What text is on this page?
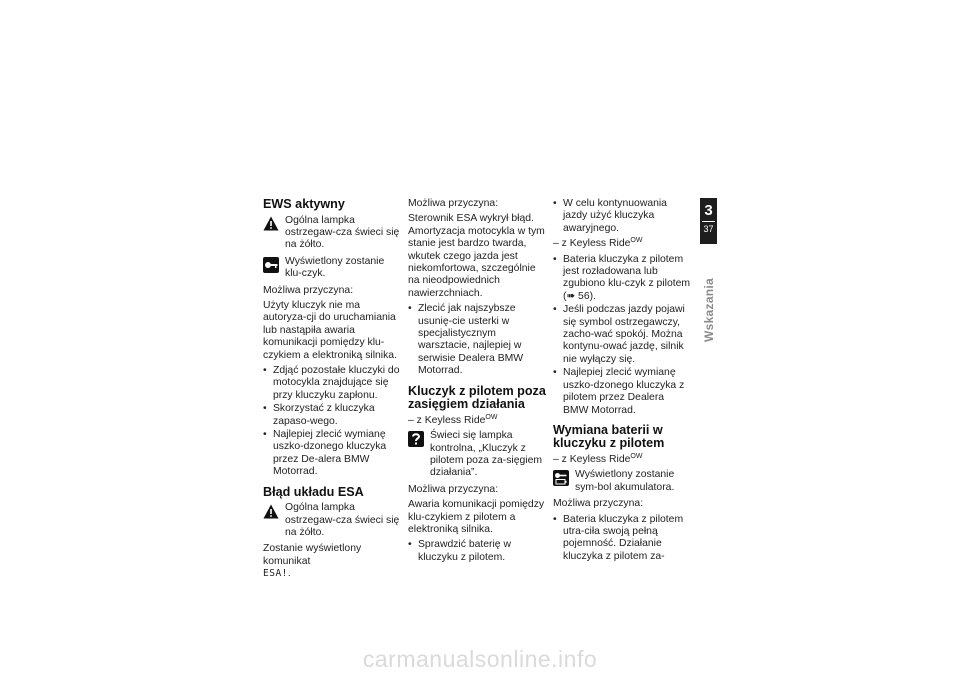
EWS aktywny
Ogólna lampka ostrzegaw-cza świeci się na żółto.
Wyświetlony zostanie klu-czyk.

Możliwa przyczyna:

Użyty kluczyk nie ma autoryza-cji do uruchamiania lub nastąpiła awaria komunikacji pomiędzy klu-czykiem a elektroniką silnika.

• Zdjąć pozostałe kluczyki do motocykla znajdujące się przy kluczyku zapłonu.
• Skorzystać z kluczyka zapaso-wego.
• Najlepiej zlecić wymianę uszko-dzonego kluczyka przez De-alera BMW Motorrad.
Błąd układu ESA
Ogólna lampka ostrzegaw-cza świeci się na żółto.

Zostanie wyświetlony komunikat
ESA!.

Możliwa przyczyna:

Sterownik ESA wykrył błąd. Amortyzacja motocykla w tym stanie jest bardzo twarda, wkutek czego jazda jest niekomfortowa, szczególnie na nieodpowiednich nawierzchniach.

• Zlecić jak najszybsze usunię-cie usterki w specjalistycznym warsztacie, najlepiej w serwisie Dealera BMW Motorrad.
Kluczyk z pilotem poza zasięgiem działania

– z Keyless Ride$^{OW}$

Świeci się lampka kontrolna, „Kluczyk z pilotem poza za-sięgiem działania”.

Możliwa przyczyna:

Awaria komunikacji pomiędzy klu-czykiem z pilotem a elektroniką silnika.

• Sprawdzić baterię w kluczyku z pilotem.
• W celu kontynuowania jazdy użyć kluczyka awaryjnego.

– z Keyless Ride$^{OW}$

• Bateria kluczyka z pilotem jest rozładowana lub zgubiono klu-czyk z pilotem (➠ 56).
• Jeśli podczas jazdy pojawi się symbol ostrzegawczy, zacho-wać spokój. Można kontynu-ować jazdę, silnik nie wyłączy się.
• Najlepiej zlecić wymianę uszko-dzonego kluczyka z pilotem przez Dealera BMW Motorrad.
Wymiana baterii w kluczyku z pilotem

– z Keyless Ride$^{OW}$

Wyświetlony zostanie sym-bol akumulatora.

Możliwa przyczyna:

• Bateria kluczyka z pilotem utra-ciła swoją pełną pojemność. Działanie kluczyka z pilotem za-
3
37
Wskazania
carmanualsonline.info
